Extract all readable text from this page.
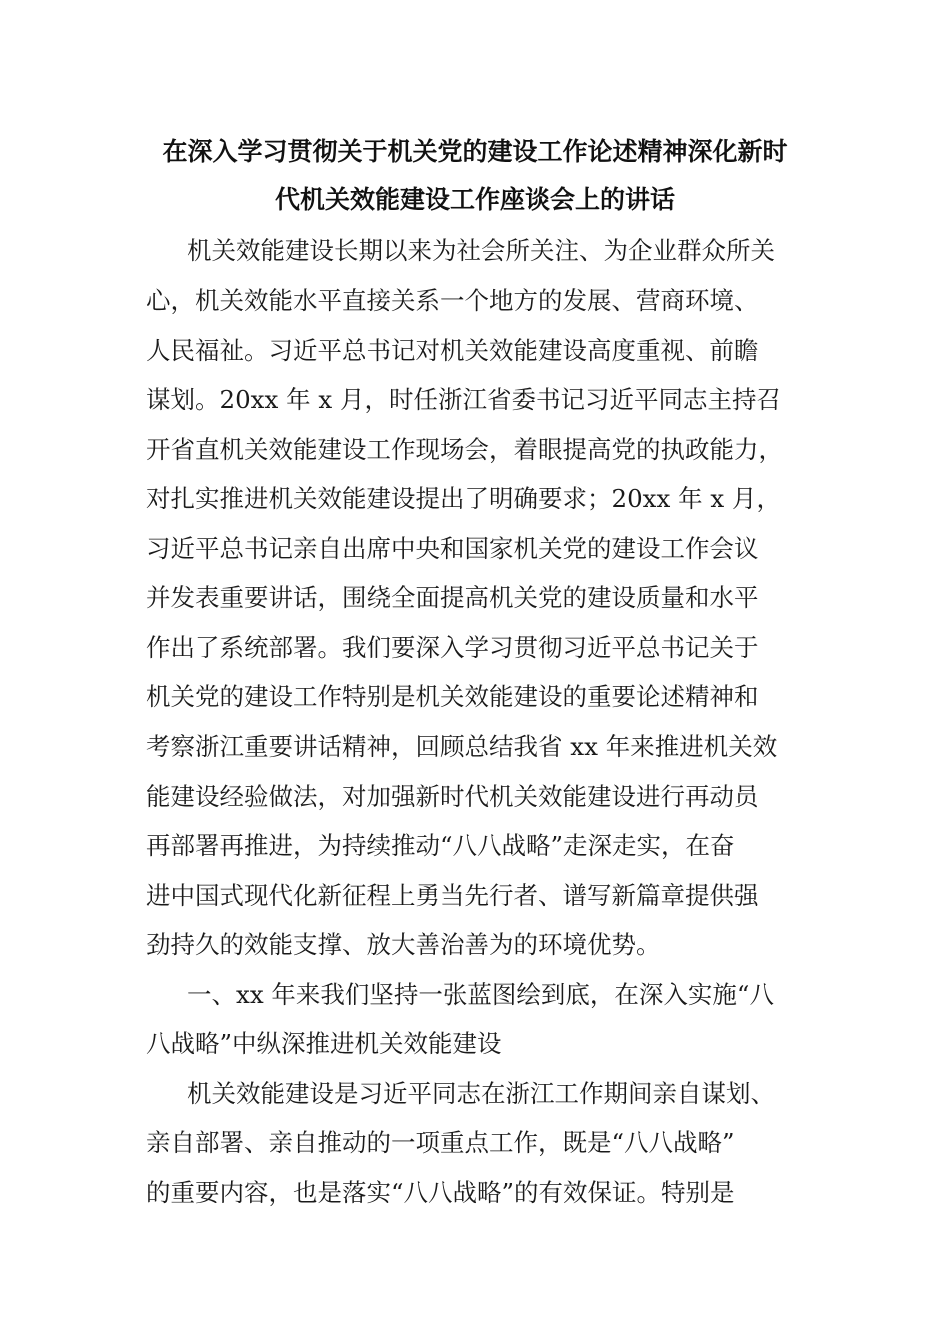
在深入学习贯彻关于机关党的建设工作论述精神深化新时
代机关效能建设工作座谈会上的讲话
机关效能建设长期以来为社会所关注、为企业群众所关
心，机关效能水平直接关系一个地方的发展、营商环境、
人民福祉。习近平总书记对机关效能建设高度重视、前瞻
谋划。20xx 年 x 月，时任浙江省委书记习近平同志主持召
开省直机关效能建设工作现场会，着眼提高党的执政能力，
对扎实推进机关效能建设提出了明确要求；20xx 年 x 月，
习近平总书记亲自出席中央和国家机关党的建设工作会议
并发表重要讲话，围绕全面提高机关党的建设质量和水平
作出了系统部署。我们要深入学习贯彻习近平总书记关于
机关党的建设工作特别是机关效能建设的重要论述精神和
考察浙江重要讲话精神，回顾总结我省 xx 年来推进机关效
能建设经验做法，对加强新时代机关效能建设进行再动员
再部署再推进，为持续推动“八八战略”走深走实，在奋
进中国式现代化新征程上勇当先行者、谱写新篇章提供强
劲持久的效能支撑、放大善治善为的环境优势。
一、xx 年来我们坚持一张蓝图绘到底，在深入实施“八
八战略”中纵深推进机关效能建设
机关效能建设是习近平同志在浙江工作期间亲自谋划、
亲自部署、亲自推动的一项重点工作，既是“八八战略”
的重要内容，也是落实“八八战略”的有效保证。特别是
